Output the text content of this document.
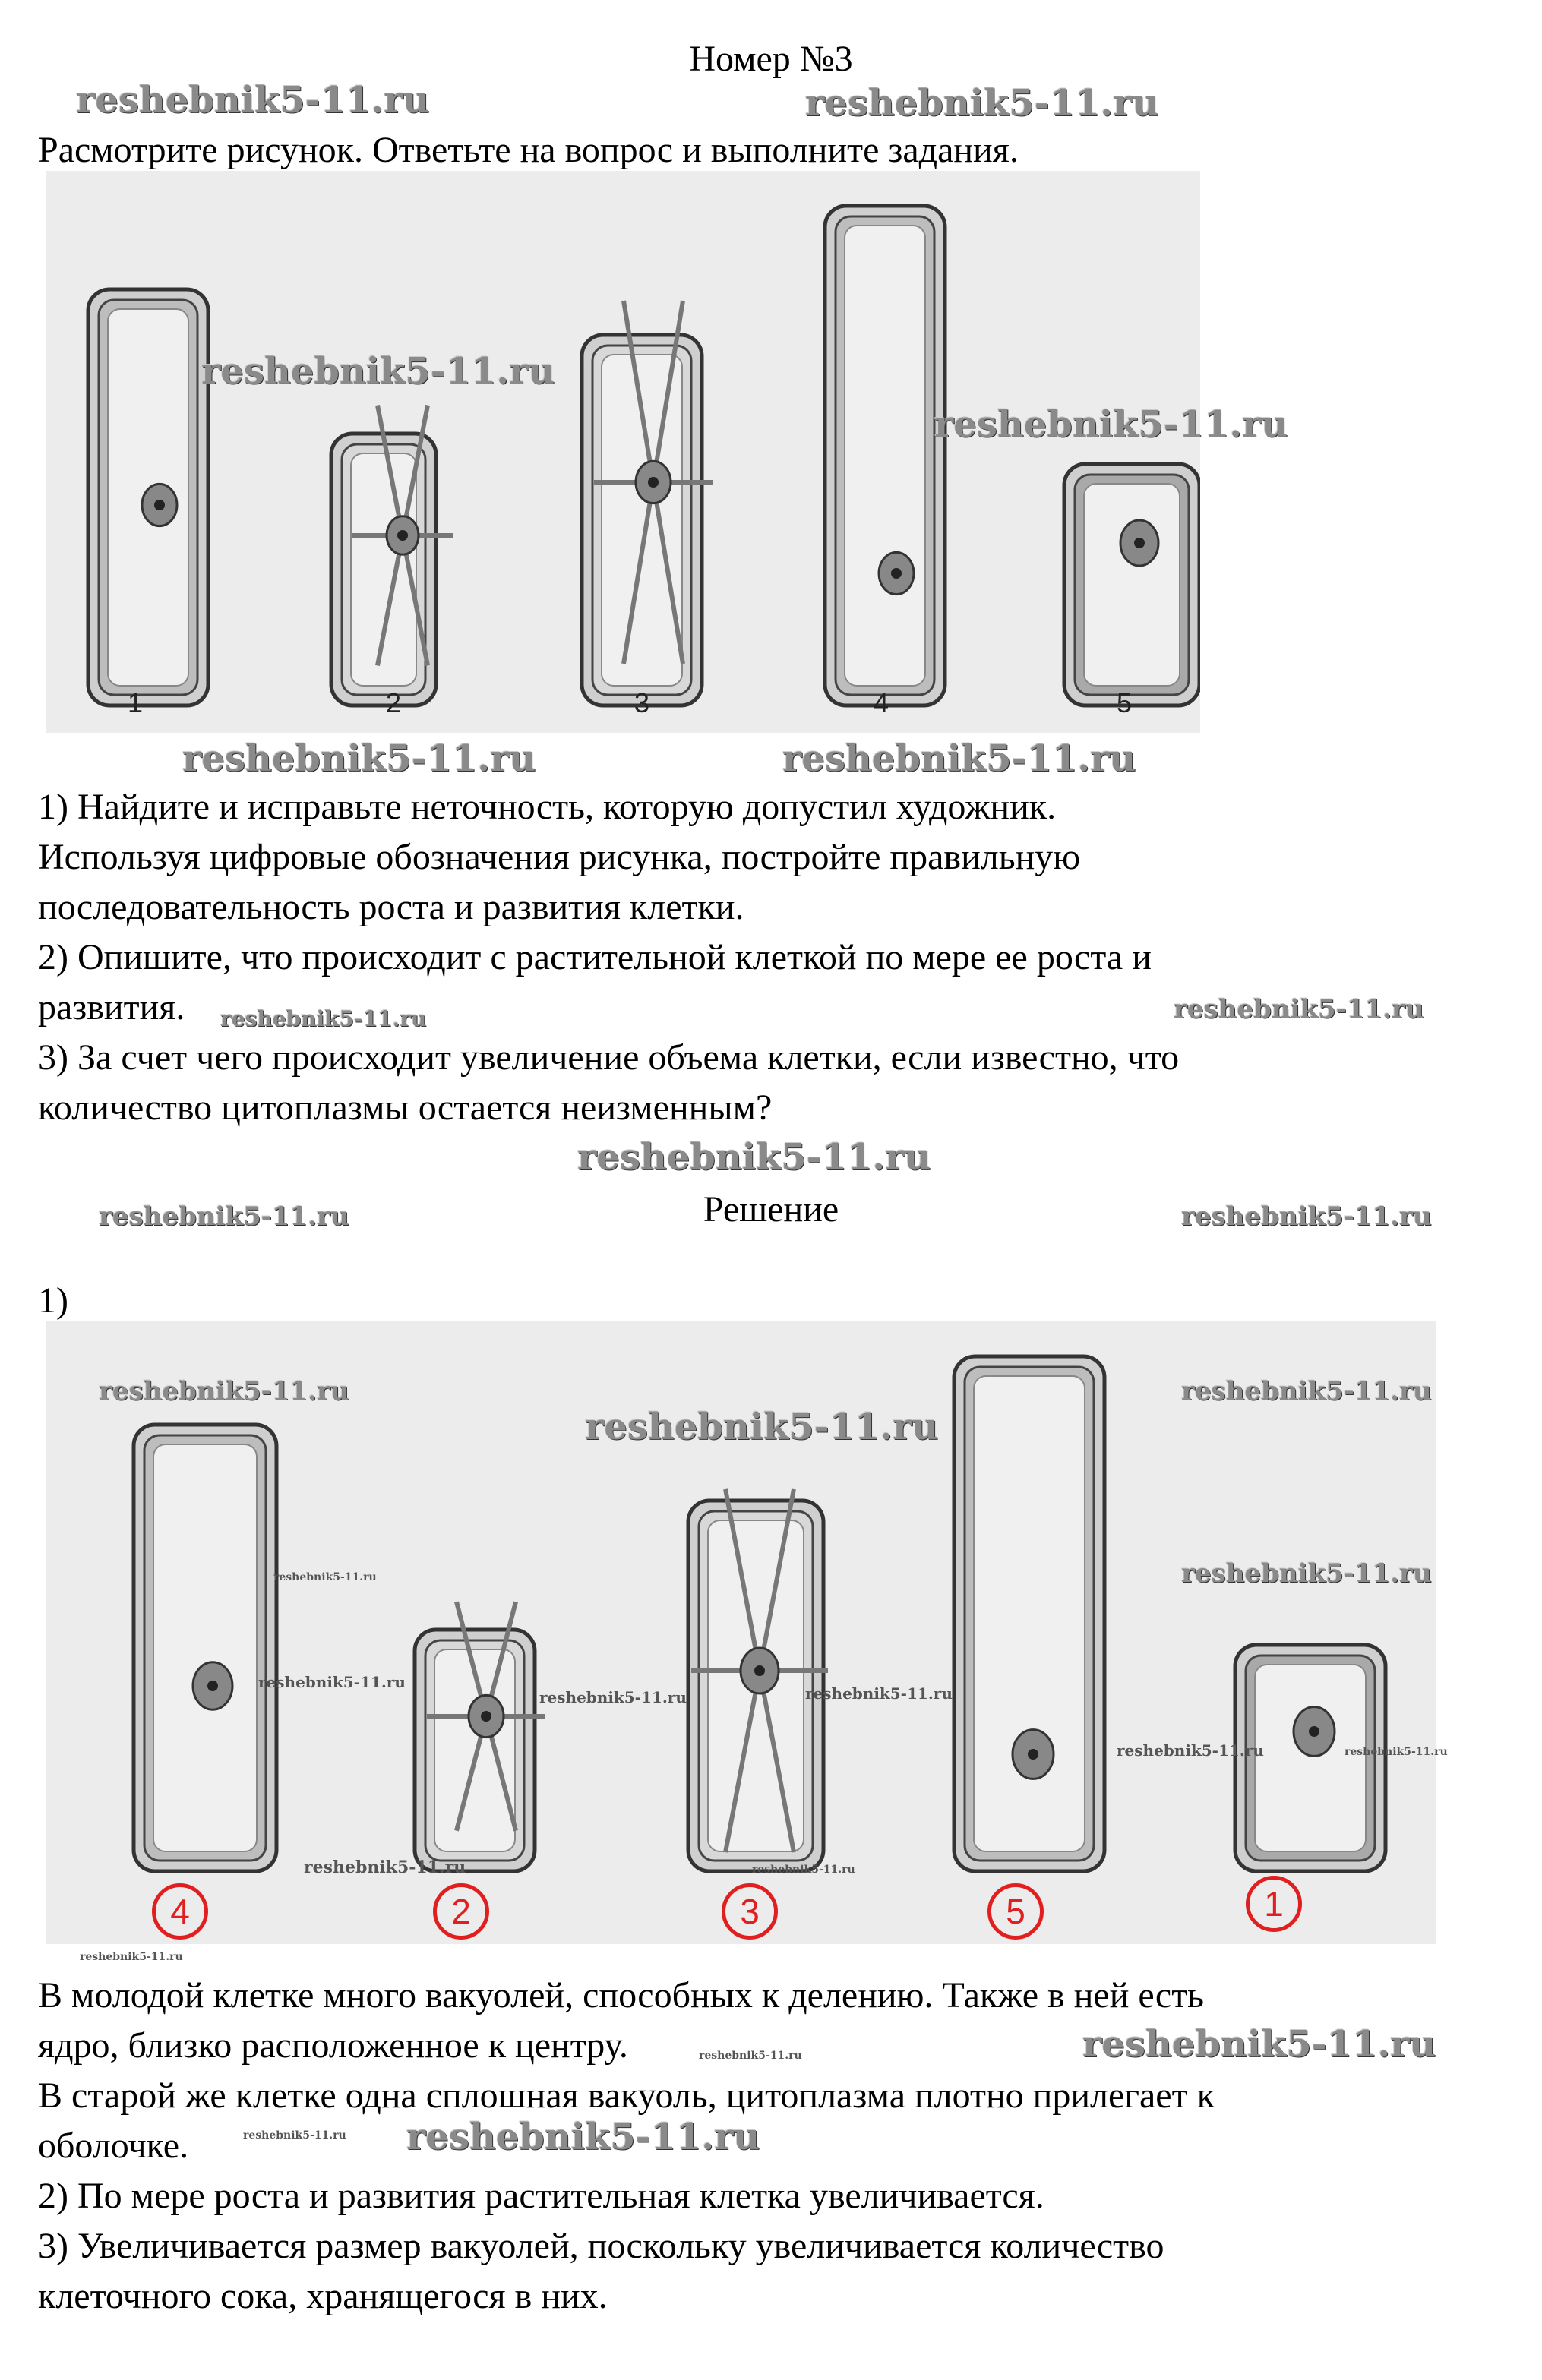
Номер №3
Расмотрите рисунок. Ответьте на вопрос и выполните задания.
1	2	3	4	5
1) Найдите и исправьте неточность, которую допустил художник.
Используя цифровые обозначения рисунка, постройте правильную
последовательность роста и развития клетки.
2) Опишите, что происходит с растительной клеткой по мере ее роста и
развития.
3) За счет чего происходит увеличение объема клетки, если известно, что
количество цитоплазмы остается неизменным?
Решение
1)
4	2	3	5	1
В молодой клетке много вакуолей, способных к делению. Также в ней есть
ядро, близко расположенное к центру.
В старой же клетке одна сплошная вакуоль, цитоплазма плотно прилегает к
оболочке.
2) По мере роста и развития растительная клетка увеличивается.
3) Увеличивается размер вакуолей, поскольку увеличивается количество
клеточного сока, хранящегося в них.
reshebnik5-11.ru	reshebnik5-11.ru
reshebnik5-11.ru
reshebnik5-11.ru
reshebnik5-11.ru	reshebnik5-11.ru
reshebnik5-11.ru	reshebnik5-11.ru
reshebnik5-11.ru
reshebnik5-11.ru	reshebnik5-11.ru
reshebnik5-11.ru
reshebnik5-11.ru
reshebnik5-11.ru
reshebnik5-11.ru
reshebnik5-11.ru
reshebnik5-11.ru
reshebnik5-11.ru	reshebnik5-11.ru
reshebnik5-11.ru	reshebnik5-11.ru
reshebnik5-11.ru	reshebnik5-11.ru
reshebnik5-11.ru
reshebnik5-11.ru
reshebnik5-11.ru
reshebnik5-11.ru
reshebnik5-11.ru
